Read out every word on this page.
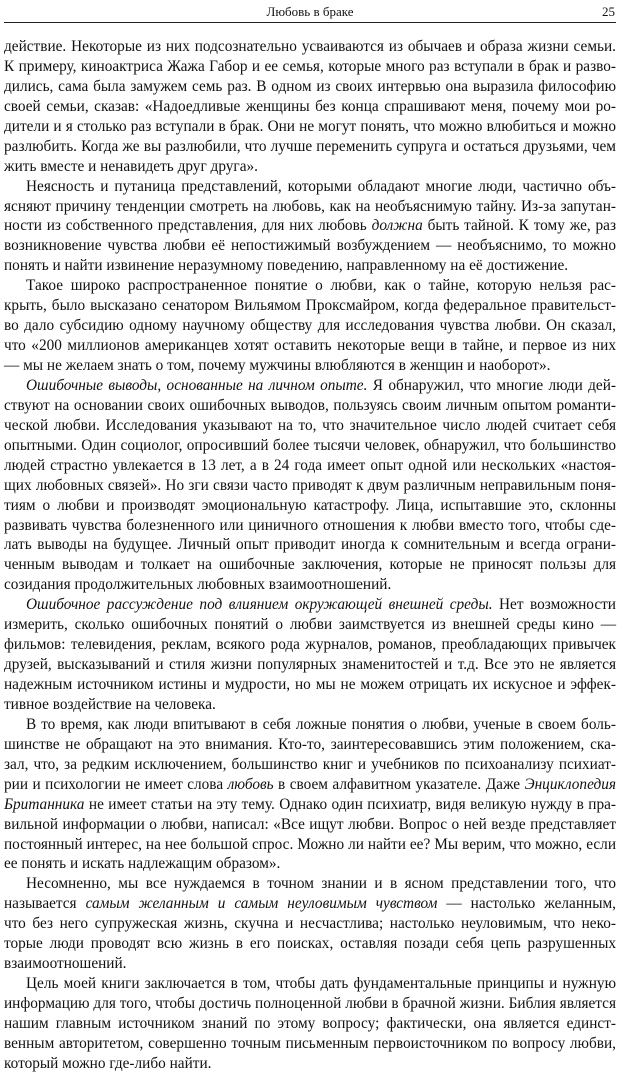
Любовь в браке	25
действие. Некоторые из них подсознательно усваиваются из обычаев и образа жизни семьи.
К примеру, киноактриса Жажа Габор и ее семья, которые много раз вступали в брак и разво-
дились, сама была замужем семь раз. В одном из своих интервью она выразила философию
своей семьи, сказав: «Надоедливые женщины без конца спрашивают меня, почему мои po-
дители и я столько раз вступали в брак. Они не могут понять, что можно влюбиться и можно
разлюбить. Когда же вы разлюбили, что лучше переменить супруга и остаться друзьями, чем
жить вместе и ненавидеть друг друга».
Неясность и путаница представлений, которыми обладают многие люди, частично объ-
ясняют причину тенденции смотреть на любовь, как на необъяснимую тайну. Из-за запутан-
ности из собственного представления, для них любовь должна быть тайной. К тому же, раз
возникновение чувства любви её непостижимый возбуждением — необъяснимо, то можно
понять и найти извинение неразумному поведению, направленному на её достижение.
Такое широко распространенное понятие о любви, как о тайне, которую нельзя рас-
крыть, было высказано сенатором Вильямом Проксмайром, когда федеральное правительст-
во дало субсидию одному научному обществу для исследования чувства любви. Он сказал,
что «200 миллионов американцев хотят оставить некоторые вещи в тайне, и первое из них
— мы не желаем знать о том, почему мужчины влюбляются в женщин и наоборот».
Ошибочные выводы, основанные на личном опыте. Я обнаружил, что многие люди дей-
ствуют на основании своих ошибочных выводов, пользуясь своим личным опытом романти-
ческой любви. Исследования указывают на то, что значительное число людей считает себя
опытными. Один социолог, опросивший более тысячи человек, обнаружил, что большинство
людей страстно увлекается в 13 лет, а в 24 года имеет опыт одной или нескольких «настоя-
щих любовных связей». Но зги связи часто приводят к двум различным неправильным поня-
тиям о любви и производят эмоциональную катастрофу. Лица, испытавшие это, склонны
развивать чувства болезненного или циничного отношения к любви вместо того, чтобы сде-
лать выводы на будущее. Личный опыт приводит иногда к сомнительным и всегда ограни-
ченным выводам и толкает на ошибочные заключения, которые не приносят пользы для
созидания продолжительных любовных взаимоотношений.
Ошибочное рассуждение под влиянием окружающей внешней среды. Нет возможности
измерить, сколько ошибочных понятий о любви заимствуется из внешней среды кино —
фильмов: телевидения, реклам, всякого рода журналов, романов, преобладающих привычек
друзей, высказываний и стиля жизни популярных знаменитостей и т.д. Все это не является
надежным источником истины и мудрости, но мы не можем отрицать их искусное и эффек-
тивное воздействие на человека.
В то время, как люди впитывают в себя ложные понятия о любви, ученые в своем боль-
шинстве не обращают на это внимания. Кто-то, заинтересовавшись этим положением, ска-
зал, что, за редким исключением, большинство книг и учебников по психоанализу психиат-
рии и психологии не имеет слова любовь в своем алфавитном указателе. Даже Энциклопедия
Британника не имеет статьи на эту тему. Однако один психиатр, видя великую нужду в пра-
вильной информации о любви, написал: «Все ищут любви. Вопрос о ней везде представляет
постоянный интерес, на нее большой спрос. Можно ли найти ее? Мы верим, что можно, если
ее понять и искать надлежащим образом».
Несомненно, мы все нуждаемся в точном знании и в ясном представлении того, что
называется самым желанным и самым неуловимым чувством — настолько желанным,
что без него супружеская жизнь, скучна и несчастлива; настолько неуловимым, что неко-
торые люди проводят всю жизнь в его поисках, оставляя позади себя цепь разрушенных
взаимоотношений.
Цель моей книги заключается в том, чтобы дать фундаментальные принципы и нужную
информацию для того, чтобы достичь полноценной любви в брачной жизни. Библия является
нашим главным источником знаний по этому вопросу; фактически, она является единст-
венным авторитетом, совершенно точным письменным первоисточником по вопросу любви,
который можно где-либо найти.
